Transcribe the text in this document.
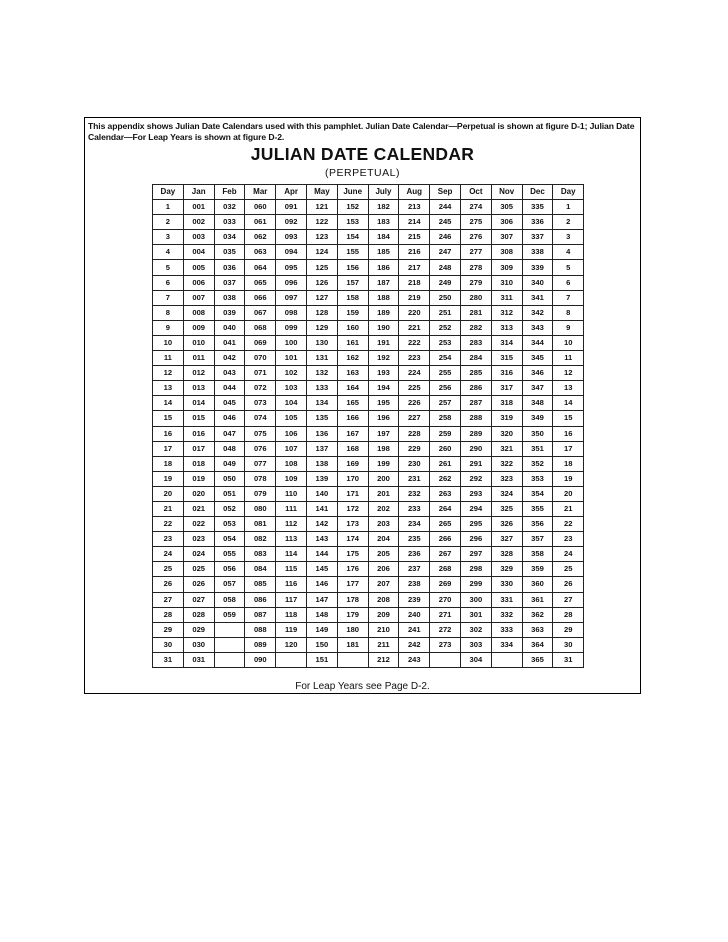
This appendix shows Julian Date Calendars used with this pamphlet. Julian Date Calendar—Perpetual is shown at figure D-1; Julian Date Calendar—For Leap Years is shown at figure D-2.
JULIAN DATE CALENDAR
(PERPETUAL)
Day	Jan	Feb	Mar	Apr	May	June	July	Aug	Sep	Oct	Nov	Dec	Day
1	001	032	060	091	121	152	182	213	244	274	305	335	1
2	002	033	061	092	122	153	183	214	245	275	306	336	2
3	003	034	062	093	123	154	184	215	246	276	307	337	3
4	004	035	063	094	124	155	185	216	247	277	308	338	4
5	005	036	064	095	125	156	186	217	248	278	309	339	5
6	006	037	065	096	126	157	187	218	249	279	310	340	6
7	007	038	066	097	127	158	188	219	250	280	311	341	7
8	008	039	067	098	128	159	189	220	251	281	312	342	8
9	009	040	068	099	129	160	190	221	252	282	313	343	9
10	010	041	069	100	130	161	191	222	253	283	314	344	10
11	011	042	070	101	131	162	192	223	254	284	315	345	11
12	012	043	071	102	132	163	193	224	255	285	316	346	12
13	013	044	072	103	133	164	194	225	256	286	317	347	13
14	014	045	073	104	134	165	195	226	257	287	318	348	14
15	015	046	074	105	135	166	196	227	258	288	319	349	15
16	016	047	075	106	136	167	197	228	259	289	320	350	16
17	017	048	076	107	137	168	198	229	260	290	321	351	17
18	018	049	077	108	138	169	199	230	261	291	322	352	18
19	019	050	078	109	139	170	200	231	262	292	323	353	19
20	020	051	079	110	140	171	201	232	263	293	324	354	20
21	021	052	080	111	141	172	202	233	264	294	325	355	21
22	022	053	081	112	142	173	203	234	265	295	326	356	22
23	023	054	082	113	143	174	204	235	266	296	327	357	23
24	024	055	083	114	144	175	205	236	267	297	328	358	24
25	025	056	084	115	145	176	206	237	268	298	329	359	25
26	026	057	085	116	146	177	207	238	269	299	330	360	26
27	027	058	086	117	147	178	208	239	270	300	331	361	27
28	028	059	087	118	148	179	209	240	271	301	332	362	28
29	029		088	119	149	180	210	241	272	302	333	363	29
30	030		089	120	150	181	211	242	273	303	334	364	30
31	031		090		151		212	243		304		365	31
For Leap Years see Page D-2.
